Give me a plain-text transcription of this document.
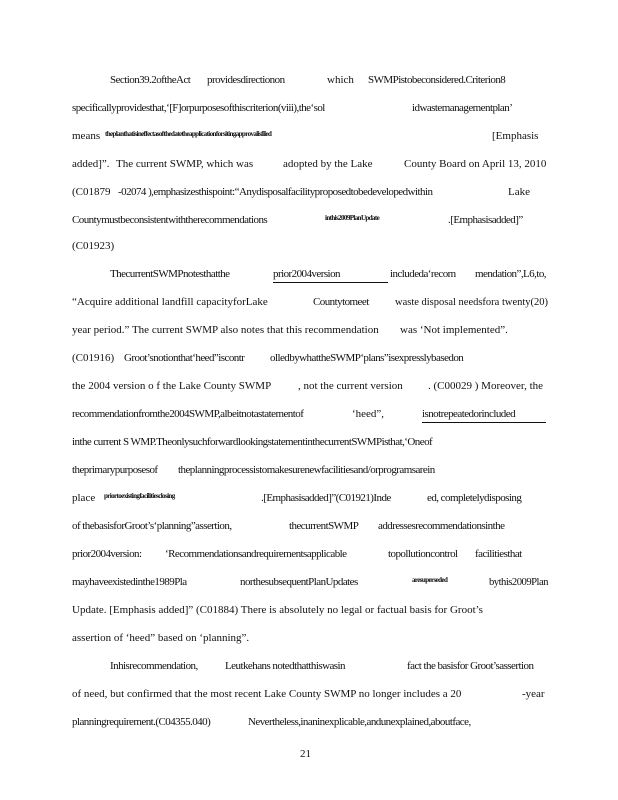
Section39.2oftheAct providesdirectionon	which SWMPistobeconsidered.Criterion8
specificallyprovidesthat,‘[F]orpurposesofthiscriterion(viii),the‘sol	idwastemanagementplan’
means theplanthatisineffectasofthedatetheapplicationforsitingapprovalisfiled	[Emphasis
added]”. The current SWMP, which was	adopted by the Lake	County Board on April 13, 2010
(C01879 -02074 ),emphasizesthispoint:“Anydisposalfacilityproposedtobedevelopedwithin	Lake
Countymustbeconsistentwiththerecommendations	inthis2009PlanUpdate	.[Emphasisadded]”
(C01923)
ThecurrentSWMPnotesthatthe	prior2004version	includeda‘recom mendation”,L6,to,
“Acquire additional landfill capacityforLake	Countytomeet waste disposal needsfora twenty(20)
year period.” The current SWMP also notes that this recommendation was ‘Not implemented”.
(C01916) Groot’snotionthat‘heed”iscontr olledbywhattheSWMP‘plans”isexpresslybasedon
the 2004 version o f the Lake County SWMP , not the current version . (C00029 ) Moreover, the
recommendationfromthe2004SWMP,albeitnotastatementof	‘heed”,	isnotrepeatedorincluded
inthe current S WMP.TheonlysuchforwardlookingstatementinthecurrentSWMPisthat,‘Oneof
theprimarypurposesof theplanningprocessistomakesurenewfacilitiesand/orprogramsarein
place priortoexistingfacilitiesclosing	.[Emphasisadded]”(C01921)Inde	ed, completelydisposing
of thebasisforGroot’s‘planning”assertion,	thecurrentSWMP addressesrecommendationsinthe
prior2004version: ‘Recommendationsandrequirementsapplicable	topollutioncontrol facilitiesthat
mayhaveexistedinthe1989Pla	northesubsequentPlanUpdates	aresuperseded	bythis2009Plan
Update. [Emphasis added]” (C01884) There is absolutely no legal or factual basis for Groot’s
assertion of ‘heed” based on ‘planning”.
Inhisrecommendation, Leutkehans notedthatthiswasin	fact the basisfor Groot’sassertion
of need, but confirmed that the most recent Lake County SWMP no longer includes a 20	-year
planningrequirement.(C04355.040)	Nevertheless,inaninexplicable,andunexplained,aboutface,
21
